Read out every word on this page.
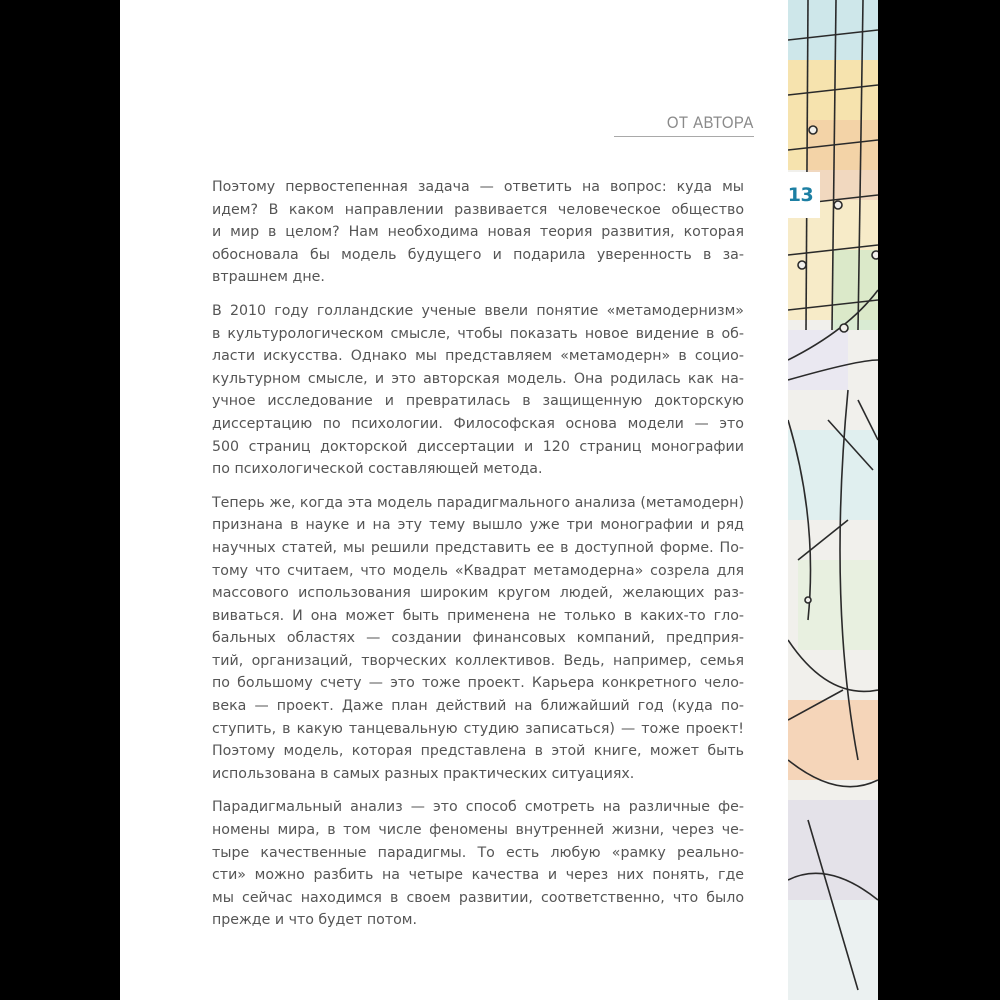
13
ОТ АВТОРА

Поэтому первостепенная задача — ответить на вопрос: куда мы
идем? В каком направлении развивается человеческое общество
и мир в целом? Нам необходима новая теория развития, которая
обосновала бы модель будущего и подарила уверенность в за-
втрашнем дне.

В 2010 году голландские ученые ввели понятие «метамодернизм»
в культурологическом смысле, чтобы показать новое видение в об-
ласти искусства. Однако мы представляем «метамодерн» в социо-
культурном смысле, и это авторская модель. Она родилась как на-
учное исследование и превратилась в защищенную докторскую
диссертацию по психологии. Философская основа модели — это
500 страниц докторской диссертации и 120 страниц монографии
по психологической составляющей метода.

Теперь же, когда эта модель парадигмального анализа (метамодерн)
признана в науке и на эту тему вышло уже три монографии и ряд
научных статей, мы решили представить ее в доступной форме. По-
тому что считаем, что модель «Квадрат метамодерна» созрела для
массового использования широким кругом людей, желающих раз-
виваться. И она может быть применена не только в каких-то гло-
бальных областях — создании финансовых компаний, предприя-
тий, организаций, творческих коллективов. Ведь, например, семья
по большому счету — это тоже проект. Карьера конкретного чело-
века — проект. Даже план действий на ближайший год (куда по-
ступить, в какую танцевальную студию записаться) — тоже проект!
Поэтому модель, которая представлена в этой книге, может быть
использована в самых разных практических ситуациях.

Парадигмальный анализ — это способ смотреть на различные фе-
номены мира, в том числе феномены внутренней жизни, через че-
тыре качественные парадигмы. То есть любую «рамку реально-
сти» можно разбить на четыре качества и через них понять, где
мы сейчас находимся в своем развитии, соответственно, что было
прежде и что будет потом.
